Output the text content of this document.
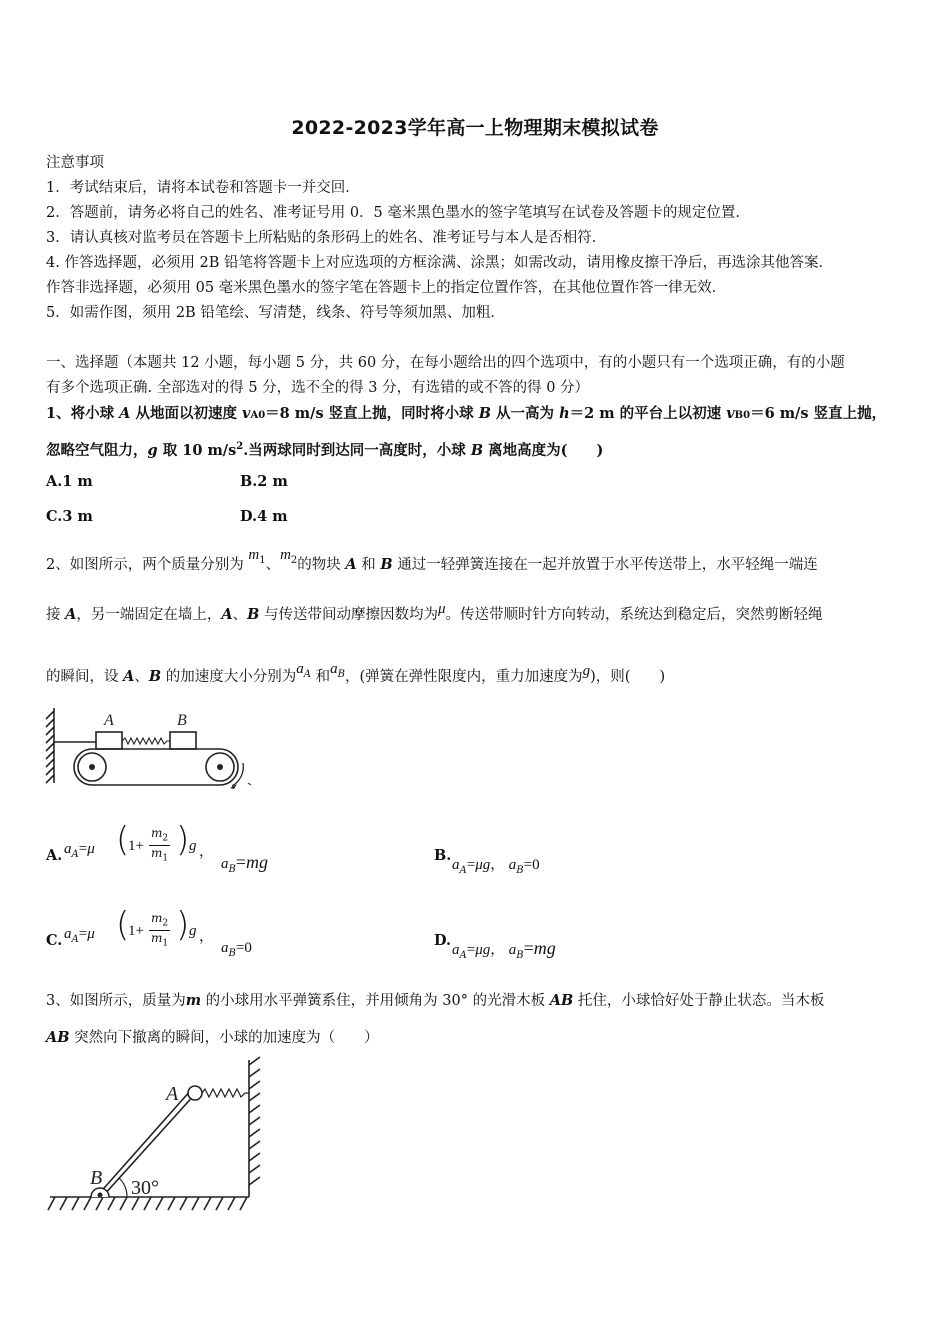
2022-2023学年高一上物理期末模拟试卷
注意事项
1．考试结束后，请将本试卷和答题卡一并交回．
2．答题前，请务必将自己的姓名、准考证号用 0．5 毫米黑色墨水的签字笔填写在试卷及答题卡的规定位置．
3．请认真核对监考员在答题卡上所粘贴的条形码上的姓名、准考证号与本人是否相符．
4. 作答选择题，必须用 2B 铅笔将答题卡上对应选项的方框涂满、涂黑；如需改动，请用橡皮擦干净后，再选涂其他答案．
作答非选择题，必须用 05 毫米黑色墨水的签字笔在答题卡上的指定位置作答，在其他位置作答一律无效．
5．如需作图，须用 2B 铅笔绘、写清楚，线条、符号等须加黑、加粗．
一、选择题（本题共 12 小题，每小题 5 分，共 60 分，在每小题给出的四个选项中，有的小题只有一个选项正确，有的小题
有多个选项正确. 全部选对的得 5 分，选不全的得 3 分，有选错的或不答的得 0 分）
1、将小球 A 从地面以初速度 vA0＝8 m/s 竖直上抛，同时将小球 B 从一高为 h＝2 m 的平台上以初速 vB0＝6 m/s 竖直上抛，
忽略空气阻力，g 取 10 $m/s^2$.当两球同时到达同一高度时，小球 B 离地高度为(　　)
A.1 m	B.2 m
C.3 m	D.4 m
2、如图所示，两个质量分别为 $m_1$、$m_2$的物块 A 和 B 通过一轻弹簧连接在一起并放置于水平传送带上，水平轻绳一端连
接 A，另一端固定在墙上，A、B 与传送带间动摩擦因数均为μ。传送带顺时针方向转动，系统达到稳定后，突然剪断轻绳
的瞬间，设 A、B 的加速度大小分别为$a_A$ 和$a_B$，(弹簧在弹性限度内，重力加速度为g)，则(　　)
A	B
A. $a_A=\mu$ (
$1+ \frac{m_2}{m_1}$ ) g ，
$a_B=mg$	B.
$a_A=\mu g$， $a_B=0$
C. $a_A=\mu$ (
$1+ \frac{m_2}{m_1}$ ) g ，
$a_B=0$	D.
$a_A=\mu g$， $a_B=mg$
3、如图所示，质量为m 的小球用水平弹簧系住，并用倾角为 30° 的光滑木板 AB 托住，小球恰好处于静止状态。当木板
AB 突然向下撤离的瞬间，小球的加速度为（　　）
A
B 30°
